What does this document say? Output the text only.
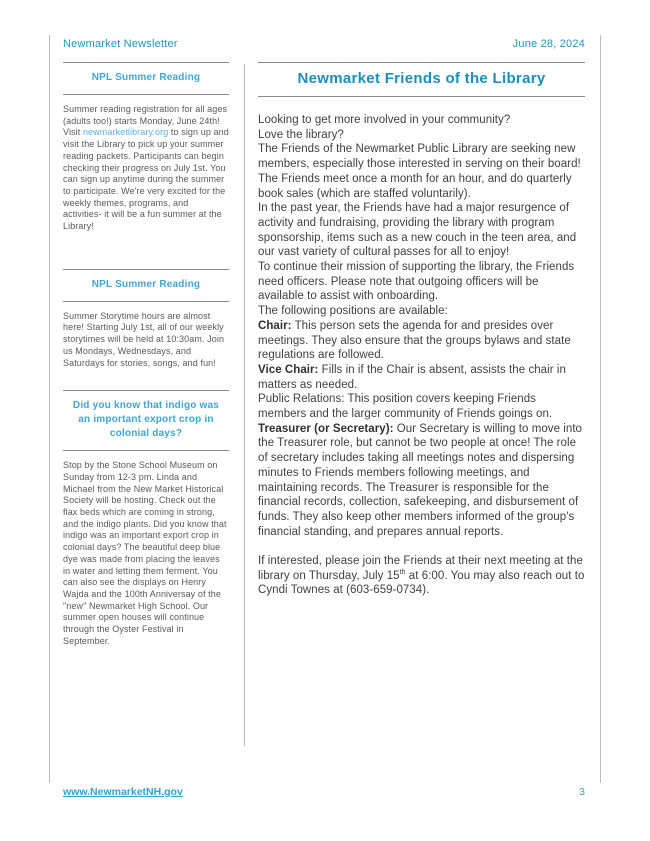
Newmarket Newsletter	June 28, 2024
NPL Summer Reading

Summer reading registration for all ages (adults too!) starts Monday, June 24th! Visit newmarketlibrary.org to sign up and visit the Library to pick up your summer reading packets. Participants can begin checking their progress on July 1st. You can sign up anytime during the summer to participate. We're very excited for the weekly themes, programs, and activities- it will be a fun summer at the Library!

NPL Summer Reading

Summer Storytime hours are almost here! Starting July 1st, all of our weekly storytimes will be held at 10:30am. Join us Mondays, Wednesdays, and Saturdays for stories, songs, and fun!

Did you know that indigo was an important export crop in colonial days?

Stop by the Stone School Museum on Sunday from 12-3 pm. Linda and Michael from the New Market Historical Society will be hosting. Check out the flax beds which are coming in strong, and the indigo plants. Did you know that indigo was an important export crop in colonial days? The beautiful deep blue dye was made from placing the leaves in water and letting them ferment. You can also see the displays on Henry Wajda and the 100th Anniversay of the "new" Newmarket High School. Our summer open houses will continue through the Oyster Festival in September.

Newmarket Friends of the Library

Looking to get more involved in your community?

Love the library?

The Friends of the Newmarket Public Library are seeking new members, especially those interested in serving on their board!

The Friends meet once a month for an hour, and do quarterly book sales (which are staffed voluntarily).

In the past year, the Friends have had a major resurgence of activity and fundraising, providing the library with program sponsorship, items such as a new couch in the teen area, and our vast variety of cultural passes for all to enjoy!

To continue their mission of supporting the library, the Friends need officers. Please note that outgoing officers will be available to assist with onboarding.

The following positions are available:

Chair: This person sets the agenda for and presides over meetings. They also ensure that the groups bylaws and state regulations are followed.

Vice Chair: Fills in if the Chair is absent, assists the chair in matters as needed.

Public Relations: This position covers keeping Friends members and the larger community of Friends goings on.

Treasurer (or Secretary): Our Secretary is willing to move into the Treasurer role, but cannot be two people at once! The role of secretary includes taking all meetings notes and dispersing minutes to Friends members following meetings, and maintaining records. The Treasurer is responsible for the financial records, collection, safekeeping, and disbursement of funds. They also keep other members informed of the group's financial standing, and prepares annual reports.

If interested, please join the Friends at their next meeting at the library on Thursday, July 15th at 6:00. You may also reach out to Cyndi Townes at (603-659-0734).

www.NewmarketNH.gov	3
